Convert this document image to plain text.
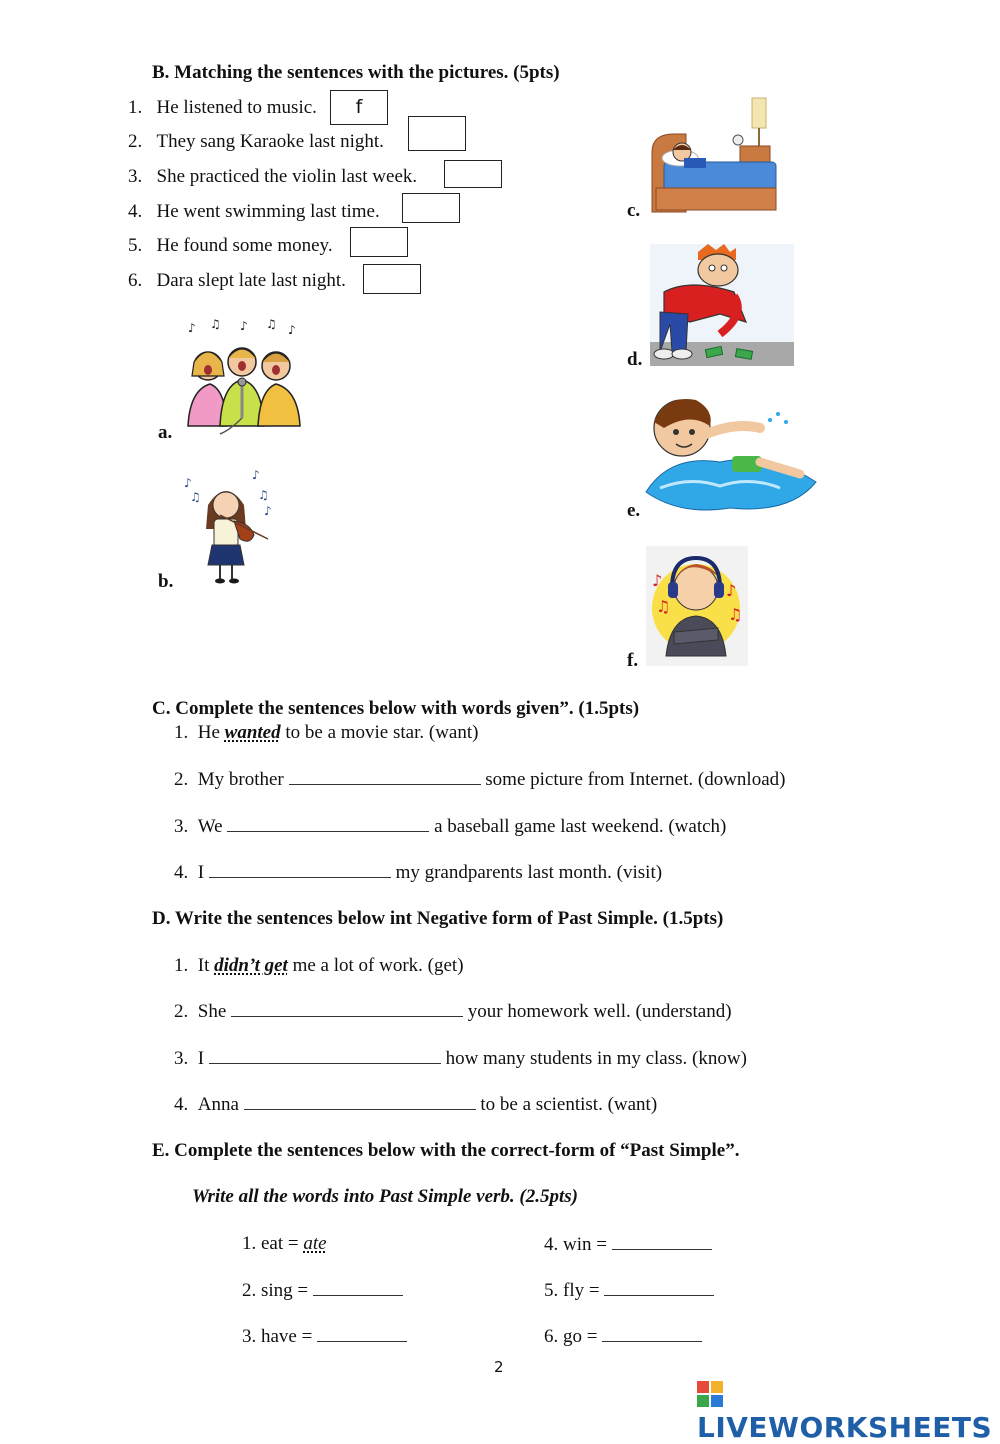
B. Matching the sentences with the pictures. (5pts)
1. He listened to music.	f
2. They sang Karaoke last night.
3. She practiced the violin last week.
4. He went swimming last time.
5. He found some money.
6. Dara slept late last night.
♪ ♫ ♪ ♫ ♪
a.
♪
♫
♪
♫
♪
b.
c.
d.
e.
♪
♫
♪
♫
f.
C. Complete the sentences below with words given”. (1.5pts)
1. He wanted to be a movie star. (want)
2. My brother	some picture from Internet. (download)
3. We	a baseball game last weekend. (watch)
4. I	my grandparents last month. (visit)
D. Write the sentences below int Negative form of Past Simple. (1.5pts)
1. It didn’t get me a lot of work. (get)
2. She	your homework well. (understand)
3. I	how many students in my class. (know)
4. Anna	to be a scientist. (want)
E. Complete the sentences below with the correct-form of “Past Simple”.
Write all the words into Past Simple verb. (2.5pts)
1. eat = ate
2. sing =
3. have =
4. win =
5. fly =
6. go =
2
LIVEWORKSHEETS
